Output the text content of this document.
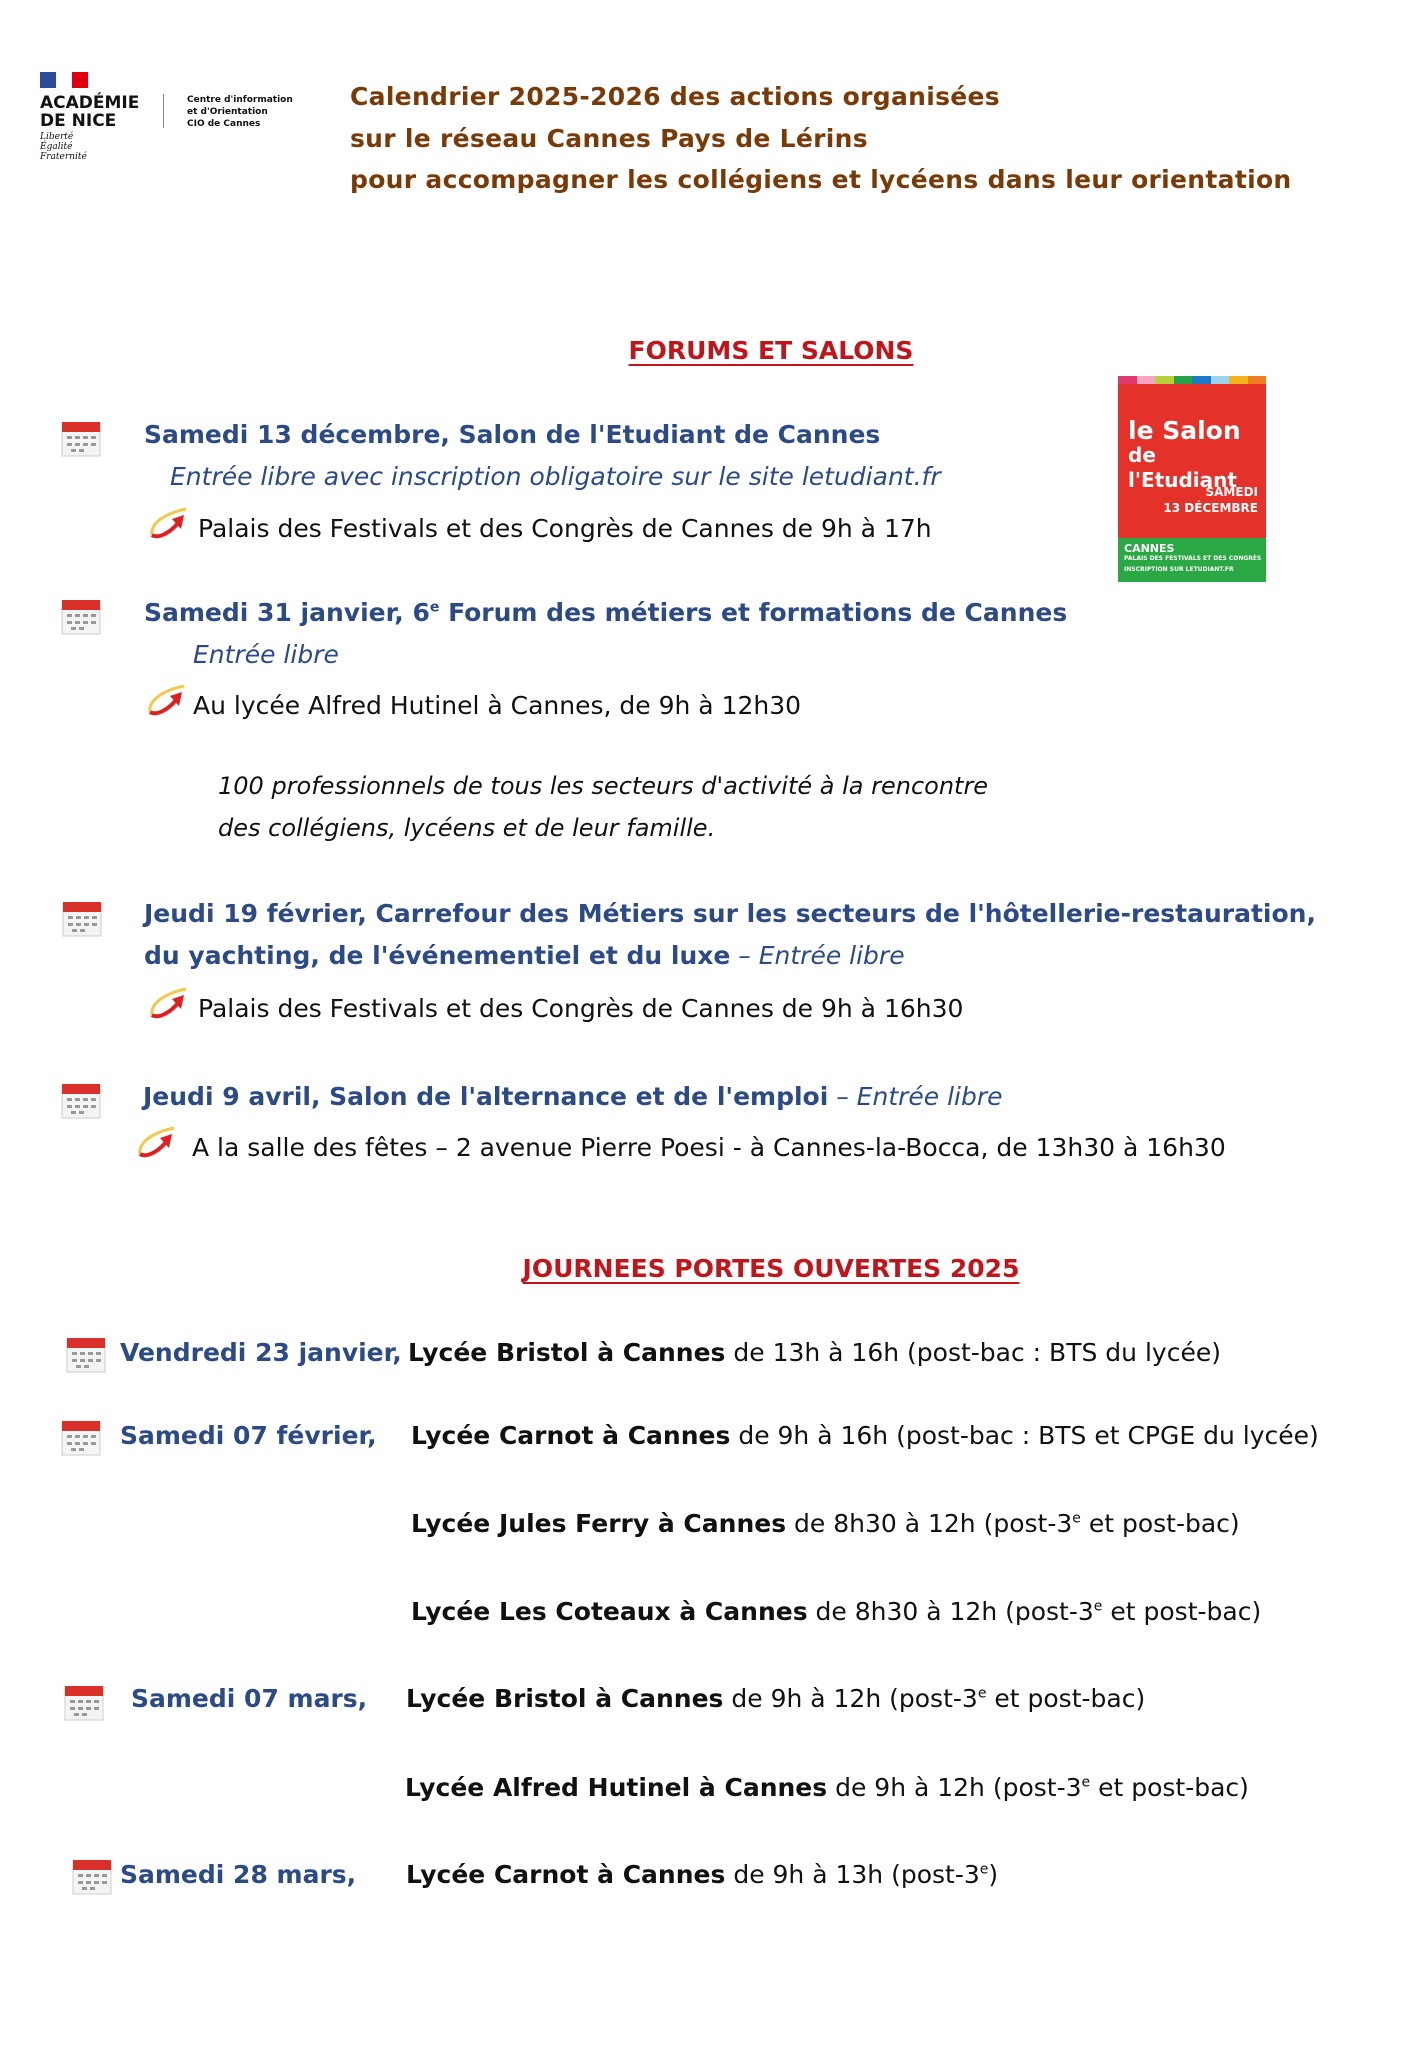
ACADÉMIE
DE NICE
Liberté
Égalité
Fraternité
Centre d'information
et d'Orientation
CIO de Cannes
Calendrier 2025-2026 des actions organisées
sur le réseau Cannes Pays de Lérins
pour accompagner les collégiens et lycéens dans leur orientation
FORUMS ET SALONS
le Salon
de l'Etudiant
SAMEDI
13 DÉCEMBRE
CANNES
PALAIS DES FESTIVALS ET DES CONGRÈS
INSCRIPTION SUR LETUDIANT.FR
Samedi 13 décembre, Salon de l'Etudiant de Cannes
Entrée libre avec inscription obligatoire sur le site letudiant.fr
Palais des Festivals et des Congrès de Cannes de 9h à 17h
Samedi 31 janvier, 6e Forum des métiers et formations de Cannes
Entrée libre
Au lycée Alfred Hutinel à Cannes, de 9h à 12h30
100 professionnels de tous les secteurs d'activité à la rencontre
des collégiens, lycéens et de leur famille.
Jeudi 19 février, Carrefour des Métiers sur les secteurs de l'hôtellerie-restauration,
du yachting, de l'événementiel et du luxe – Entrée libre
Palais des Festivals et des Congrès de Cannes de 9h à 16h30
Jeudi 9 avril, Salon de l'alternance et de l'emploi – Entrée libre
A la salle des fêtes – 2 avenue Pierre Poesi - à Cannes-la-Bocca, de 13h30 à 16h30
JOURNEES PORTES OUVERTES 2025
Vendredi 23 janvier, Lycée Bristol à Cannes de 13h à 16h (post-bac : BTS du lycée)
Samedi 07 février, Lycée Carnot à Cannes de 9h à 16h (post-bac : BTS et CPGE du lycée)
Lycée Jules Ferry à Cannes de 8h30 à 12h (post-3e et post-bac)
Lycée Les Coteaux à Cannes de 8h30 à 12h (post-3e et post-bac)
Samedi 07 mars, Lycée Bristol à Cannes de 9h à 12h (post-3e et post-bac)
Lycée Alfred Hutinel à Cannes de 9h à 12h (post-3e et post-bac)
Samedi 28 mars, Lycée Carnot à Cannes de 9h à 13h (post-3e)
